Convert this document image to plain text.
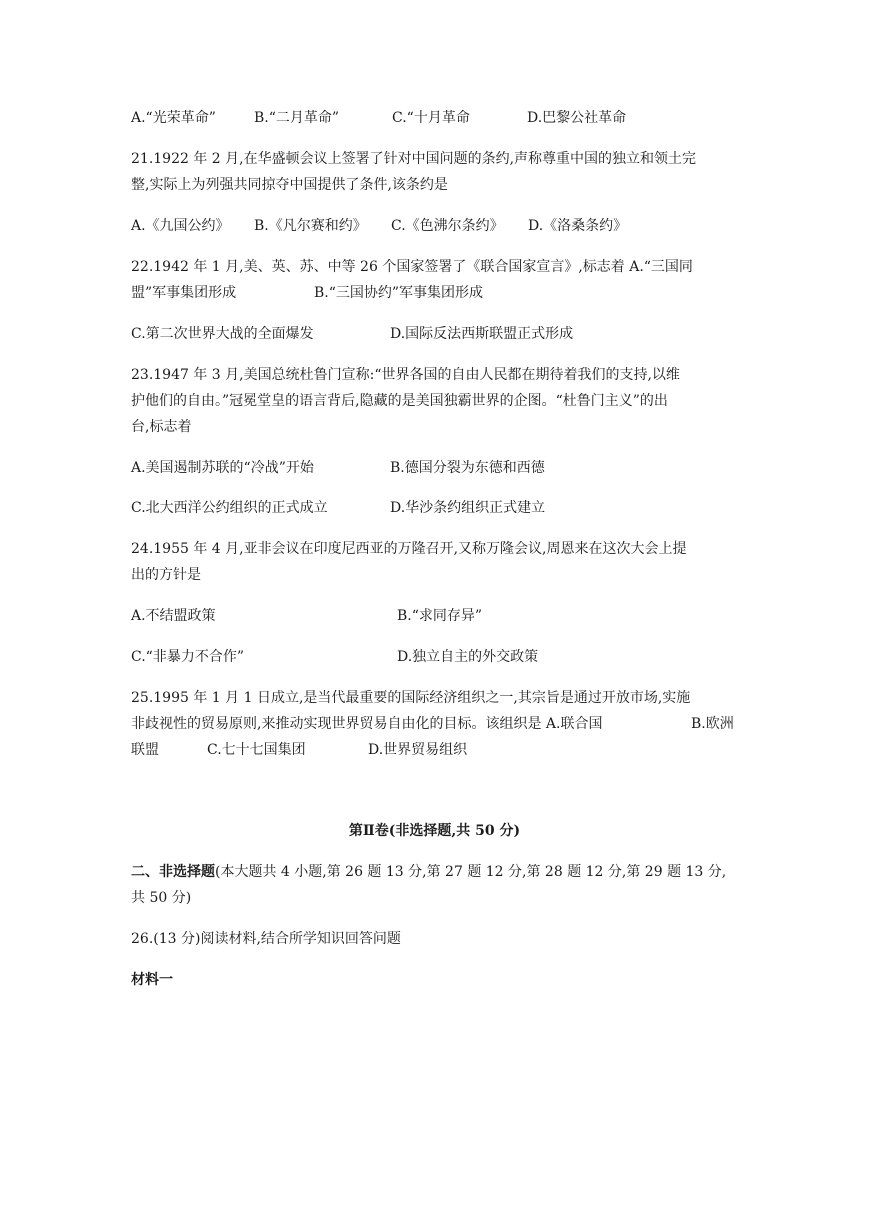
A.“光荣革命”	B.“二月革命”	C.“十月革命	D.巴黎公社革命
21.1922 年 2 月,在华盛顿会议上签署了针对中国问题的条约,声称尊重中国的独立和领土完
整,实际上为列强共同掠夺中国提供了条件,该条约是
A.《九国公约》 B.《凡尔赛和约》 C.《色沸尔条约》 D.《洛桑条约》
22.1942 年 1 月,美、英、苏、中等 26 个国家签署了《联合国家宣言》,标志着 A.“三国同
盟”军事集团形成	B.“三国协约”军事集团形成
C.第二次世界大战的全面爆发	D.国际反法西斯联盟正式形成
23.1947 年 3 月,美国总统杜鲁门宣称:“世界各国的自由人民都在期待着我们的支持,以维
护他们的自由。”冠冕堂皇的语言背后,隐藏的是美国独霸世界的企图。“杜鲁门主义”的出
台,标志着
A.美国遏制苏联的“冷战”开始	B.德国分裂为东德和西德
C.北大西洋公约组织的正式成立	D.华沙条约组织正式建立
24.1955 年 4 月,亚非会议在印度尼西亚的万隆召开,又称万隆会议,周恩来在这次大会上提
出的方针是
A.不结盟政策	B.“求同存异”
C.“非暴力不合作”	D.独立自主的外交政策
25.1995 年 1 月 1 日成立,是当代最重要的国际经济组织之一,其宗旨是通过开放市场,实施
非歧视性的贸易原则,来推动实现世界贸易自由化的目标。该组织是 A.联合国	B.欧洲
联盟	C.七十七国集团	D.世界贸易组织
第Ⅱ卷(非选择题,共 50 分)
二、非选择题(本大题共 4 小题,第 26 题 13 分,第 27 题 12 分,第 28 题 12 分,第 29 题 13 分,
共 50 分)
26.(13 分)阅读材料,结合所学知识回答问题
材料一
